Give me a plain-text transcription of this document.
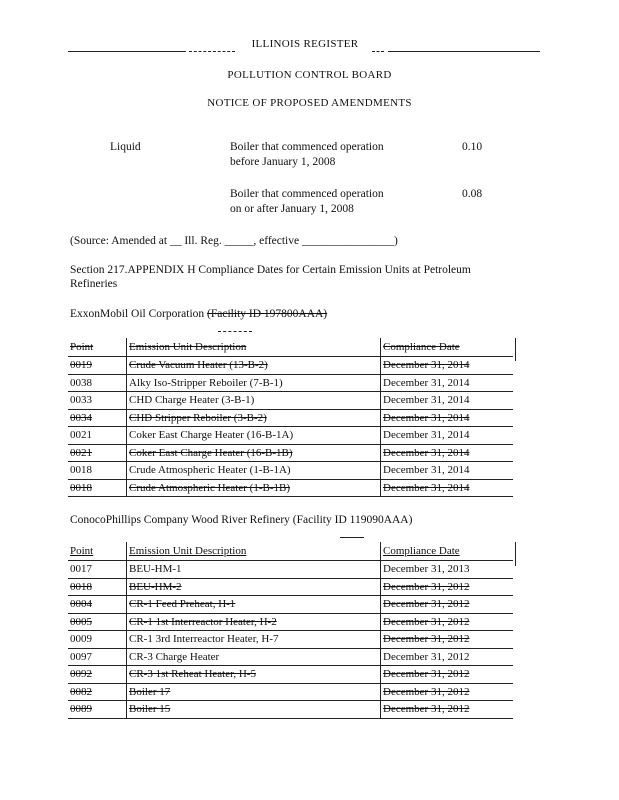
ILLINOIS REGISTER
POLLUTION CONTROL BOARD
NOTICE OF PROPOSED AMENDMENTS
Liquid	Boiler that commenced operation
before January 1, 2008
0.10
Boiler that commenced operation
on or after January 1, 2008
0.08
(Source: Amended at __ Ill. Reg. _____, effective ________________)
Section 217.APPENDIX H Compliance Dates for Certain Emission Units at Petroleum
Refineries
ExxonMobil Oil Corporation (Facility ID 197800AAA)
Point	Emission Unit Description	Compliance Date
0019	Crude Vacuum Heater (13-B-2)	December 31, 2014
0038	Alky Iso-Stripper Reboiler (7-B-1)	December 31, 2014
0033	CHD Charge Heater (3-B-1)	December 31, 2014
0034	CHD Stripper Reboiler (3-B-2)	December 31, 2014
0021	Coker East Charge Heater (16-B-1A)	December 31, 2014
0021	Coker East Charge Heater (16-B-1B)	December 31, 2014
0018	Crude Atmospheric Heater (1-B-1A)	December 31, 2014
0018	Crude Atmospheric Heater (1-B-1B)	December 31, 2014
ConocoPhillips Company Wood River Refinery (Facility ID 119090AAA)
Point	Emission Unit Description	Compliance Date
0017	BEU-HM-1	December 31, 2013
0018	BEU-HM-2	December 31, 2012
0004	CR-1 Feed Preheat, H-1	December 31, 2012
0005	CR-1 1st Interreactor Heater, H-2	December 31, 2012
0009	CR-1 3rd Interreactor Heater, H-7	December 31, 2012
0097	CR-3 Charge Heater	December 31, 2012
0092	CR-3 1st Reheat Heater, H-5	December 31, 2012
0082	Boiler 17	December 31, 2012
0089	Boiler 15	December 31, 2012
